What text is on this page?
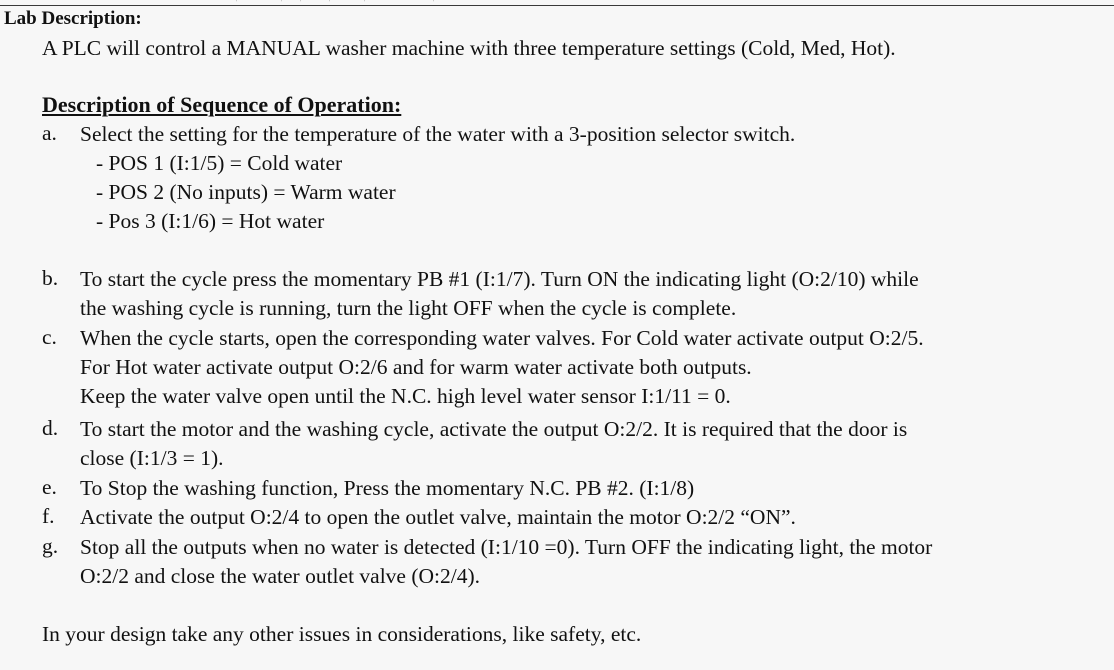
Lab Description:
A PLC will control a MANUAL washer machine with three temperature settings (Cold, Med, Hot).
Description of Sequence of Operation:
a. Select the setting for the temperature of the water with a 3-position selector switch.
- POS 1 (I:1/5) = Cold water
- POS 2 (No inputs) = Warm water
- Pos 3 (I:1/6) = Hot water
b. To start the cycle press the momentary PB #1 (I:1/7). Turn ON the indicating light (O:2/10) while
the washing cycle is running, turn the light OFF when the cycle is complete.
c. When the cycle starts, open the corresponding water valves. For Cold water activate output O:2/5.
For Hot water activate output O:2/6 and for warm water activate both outputs.
Keep the water valve open until the N.C. high level water sensor I:1/11 = 0.
d. To start the motor and the washing cycle, activate the output O:2/2. It is required that the door is
close (I:1/3 = 1).
e. To Stop the washing function, Press the momentary N.C. PB #2. (I:1/8)
f. Activate the output O:2/4 to open the outlet valve, maintain the motor O:2/2 “ON”.
g. Stop all the outputs when no water is detected (I:1/10 =0). Turn OFF the indicating light, the motor
O:2/2 and close the water outlet valve (O:2/4).
In your design take any other issues in considerations, like safety, etc.
